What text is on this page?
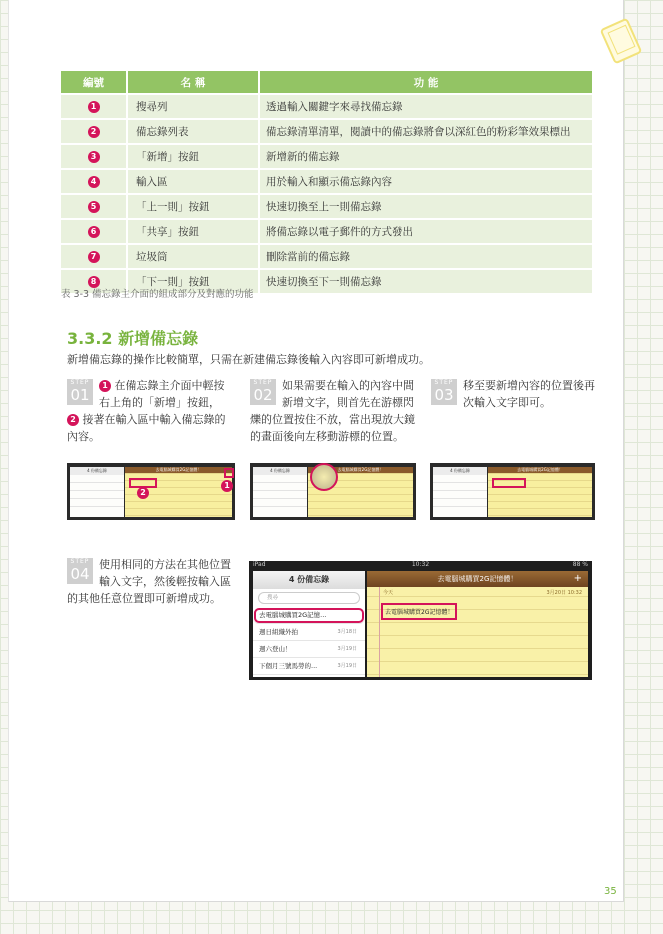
編號	名 稱	功 能
1	搜尋列	透過輸入關鍵字來尋找備忘錄
2	備忘錄列表	備忘錄清單清單，閱讀中的備忘錄將會以深紅色的粉彩筆效果標出
3	「新增」按鈕	新增新的備忘錄
4	輸入區	用於輸入和顯示備忘錄內容
5	「上一則」按鈕	快速切換至上一則備忘錄
6	「共享」按鈕	將備忘錄以電子郵件的方式發出
7	垃圾筒	刪除當前的備忘錄
8	「下一則」按鈕	快速切換至下一則備忘錄
表 3-3 備忘錄主介面的組成部分及對應的功能
3.3.2 新增備忘錄
新增備忘錄的操作比較簡單，只需在新建備忘錄後輸入內容即可新增成功。
STEP
01
1 在備忘錄主介面中輕按右上角的「新增」按鈕， 2 接著在輸入區中輸入備忘錄的內容。
STEP
02
如果需要在輸入的內容中間新增文字，則首先在游標閃爍的位置按住不放，當出現放大鏡的畫面後向左移動游標的位置。
STEP
03
移至要新增內容的位置後再次輸入文字即可。
4 份備忘錄	去電腦城購買2G記憶體！
2
1
4 份備忘錄	去電腦城購買2G記憶體！	4 份備忘錄	去電腦城購買2G記憶體！
STEP
04
使用相同的方法在其他位置輸入文字，然後輕按輸入區的其他任意位置即可新增成功。
iPad	10:32	88 %
4 份備忘錄
搜尋
去電腦城購買2G記憶...
週日組織外拍	3月18日
週六登山！	3月19日
下個月三號馬勞的...	3月19日
去電腦城購買2G記憶體！	+
今天	3月20日 10:32
去電腦城購買2G記憶體！
35
